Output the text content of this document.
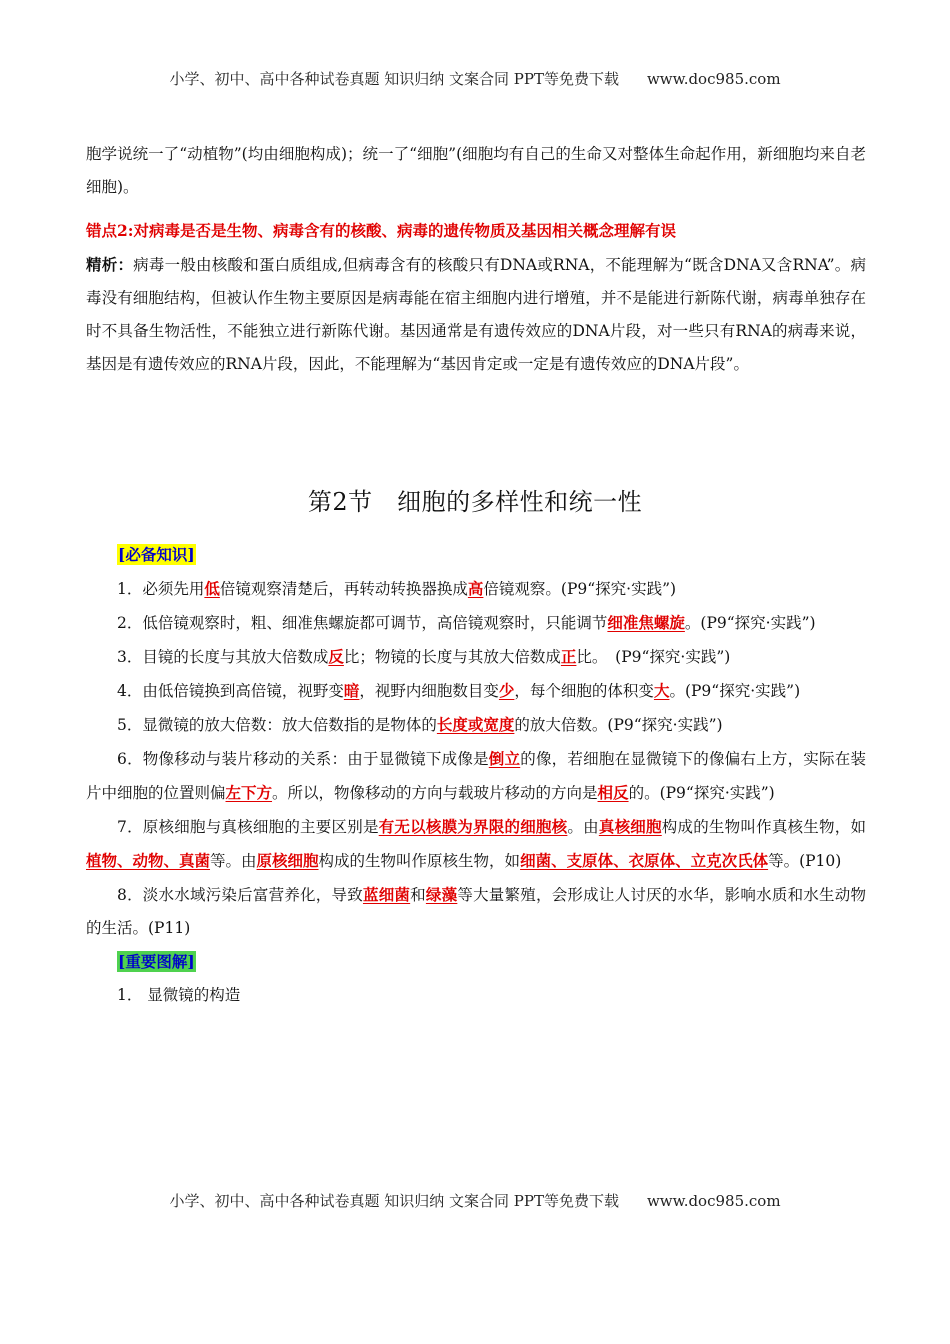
小学、初中、高中各种试卷真题 知识归纳 文案合同 PPT等免费下载 www.doc985.com

胞学说统一了“动植物”(均由细胞构成)；统一了“细胞”(细胞均有自己的生命又对整体生命起作用，新细胞均来自老细胞)。

错点2:对病毒是否是生物、病毒含有的核酸、病毒的遗传物质及基因相关概念理解有误

精析：病毒一般由核酸和蛋白质组成,但病毒含有的核酸只有DNA或RNA，不能理解为“既含DNA又含RNA”。病毒没有细胞结构，但被认作生物主要原因是病毒能在宿主细胞内进行增殖，并不是能进行新陈代谢，病毒单独存在时不具备生物活性，不能独立进行新陈代谢。基因通常是有遗传效应的DNA片段，对一些只有RNA的病毒来说，基因是有遗传效应的RNA片段，因此，不能理解为“基因肯定或一定是有遗传效应的DNA片段”。

第2节　细胞的多样性和统一性

[必备知识]

1．必须先用低倍镜观察清楚后，再转动转换器换成高倍镜观察。(P9“探究·实践”)

2．低倍镜观察时，粗、细准焦螺旋都可调节，高倍镜观察时，只能调节细准焦螺旋。(P9“探究·实践”)

3．目镜的长度与其放大倍数成反比；物镜的长度与其放大倍数成正比。　(P9“探究·实践”)

4．由低倍镜换到高倍镜，视野变暗，视野内细胞数目变少，每个细胞的体积变大。(P9“探究·实践”)

5．显微镜的放大倍数：放大倍数指的是物体的长度或宽度的放大倍数。(P9“探究·实践”)

6．物像移动与装片移动的关系：由于显微镜下成像是倒立的像，若细胞在显微镜下的像偏右上方，实际在装片中细胞的位置则偏左下方。所以，物像移动的方向与载玻片移动的方向是相反的。(P9“探究·实践”)

7．原核细胞与真核细胞的主要区别是有无以核膜为界限的细胞核。由真核细胞构成的生物叫作真核生物，如植物、动物、真菌等。由原核细胞构成的生物叫作原核生物，如细菌、支原体、衣原体、立克次氏体等。(P10)

8．淡水水域污染后富营养化，导致蓝细菌和绿藻等大量繁殖，会形成让人讨厌的水华，影响水质和水生动物的生活。(P11)

[重要图解]

1． 显微镜的构造

小学、初中、高中各种试卷真题 知识归纳 文案合同 PPT等免费下载 www.doc985.com
